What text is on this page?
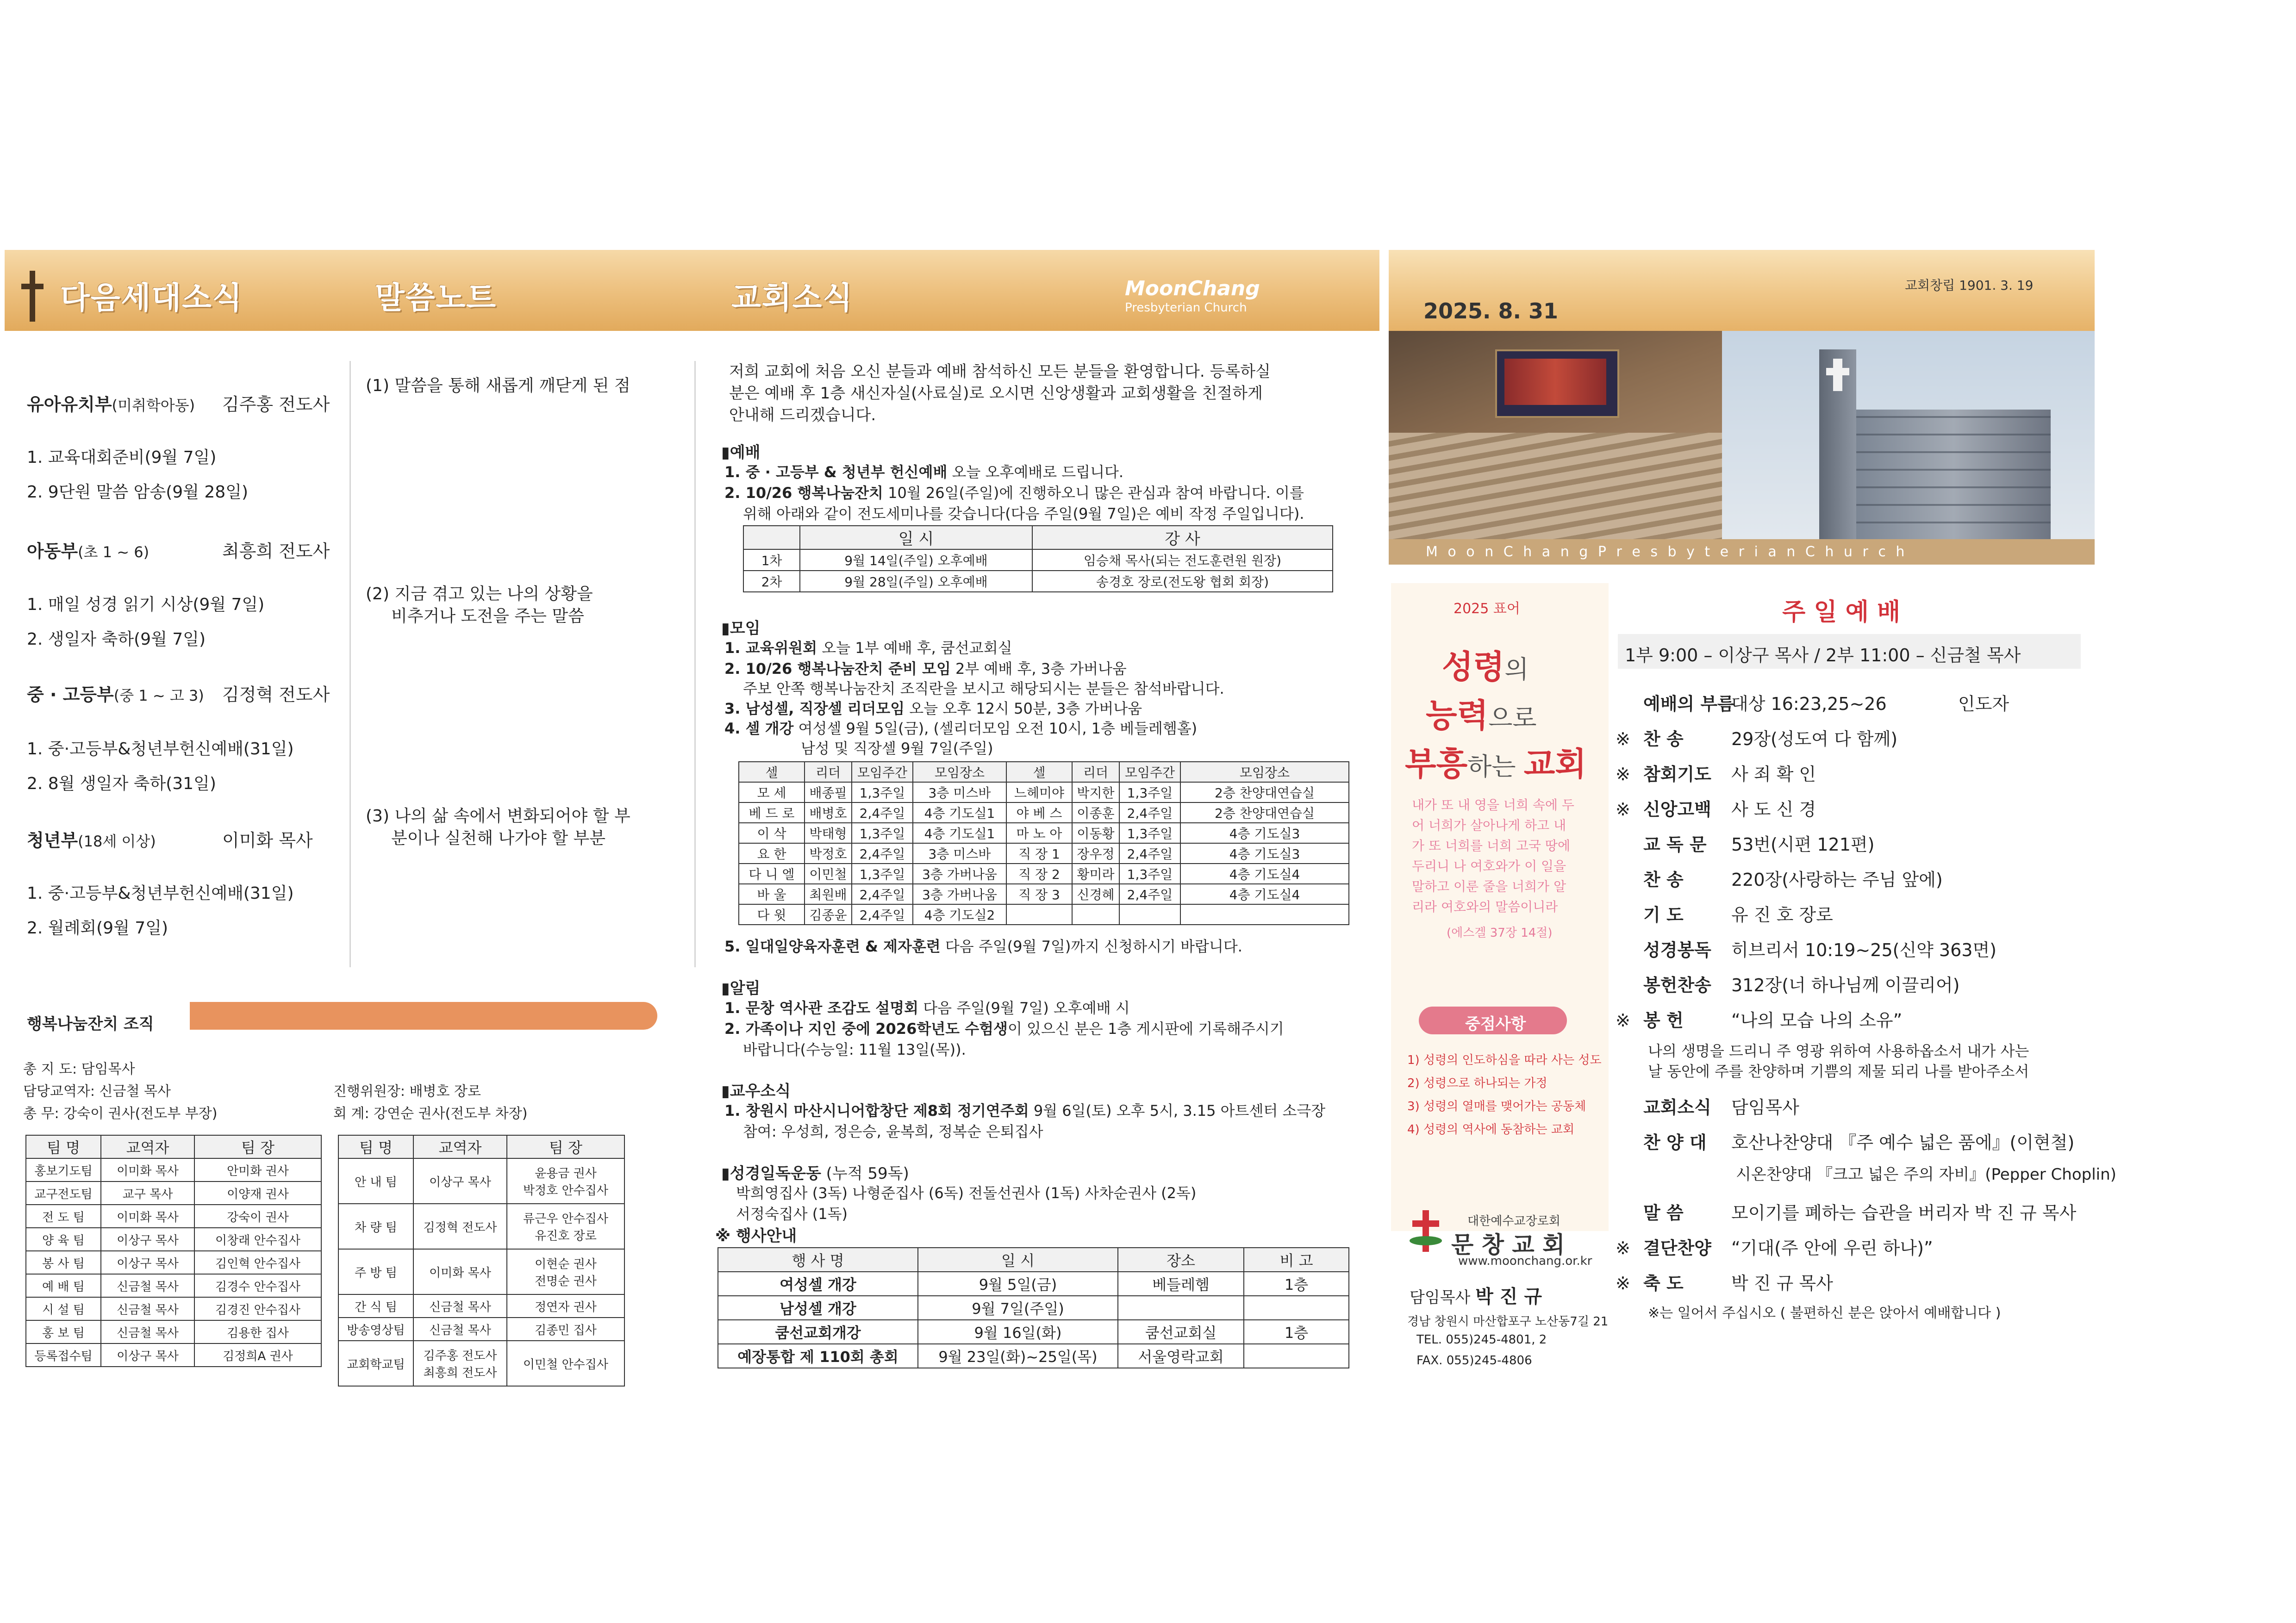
다음세대소식	말씀노트	교회소식	MoonChang
Presbyterian Church	2025. 8. 31
교회창립 1901. 3. 19
유아유치부(미취학아동) 김주홍 전도사
1. 교육대회준비(9월 7일)
2. 9단원 말씀 암송(9월 28일)
아동부(초 1 ~ 6)	최흥희 전도사
1. 매일 성경 읽기 시상(9월 7일)
2. 생일자 축하(9월 7일)
중 · 고등부(중 1 ~ 고 3) 김정혁 전도사
1. 중·고등부&청년부헌신예배(31일)
2. 8월 생일자 축하(31일)
청년부(18세 이상)	이미화 목사
1. 중·고등부&청년부헌신예배(31일)
2. 월례회(9월 7일)
(1) 말씀을 통해 새롭게 깨닫게 된 점
(2) 지금 겪고 있는 나의 상황을
비추거나 도전을 주는 말씀
(3) 나의 삶 속에서 변화되어야 할 부
분이나 실천해 나가야 할 부분
행복나눔잔치 조직
총 지 도: 담임목사
담당교역자: 신금철 목사
총 무: 강숙이 권사(전도부 부장)
진행위원장: 배병호 장로
회 계: 강연순 권사(전도부 차장)
팀 명	교역자	팀 장
홍보기도팀	이미화 목사	안미화 권사
교구전도팀	교구 목사	이양재 권사
전 도 팀	이미화 목사	강숙이 권사
양 육 팀	이상구 목사	이창래 안수집사
봉 사 팀	이상구 목사	김인혁 안수집사
예 배 팀	신금철 목사	김경수 안수집사
시 설 팀	신금철 목사	김경진 안수집사
홍 보 팀	신금철 목사	김용한 집사
등록접수팀	이상구 목사	김정희A 권사
팀 명	교역자	팀 장
안 내 팀	이상구 목사	윤용금 권사
박정호 안수집사

차 량 팀	김정혁 전도사	류근우 안수집사
유진호 장로

주 방 팀	이미화 목사	이현순 권사
전명순 권사

간 식 팀	신금철 목사	정연자 권사
방송영상팀	신금철 목사	김종민 집사
교회학교팀	김주홍 전도사
최흥희 전도사	이민철 안수집사
저희 교회에 처음 오신 분들과 예배 참석하신 모든 분들을 환영합니다. 등록하실
분은 예배 후 1층 새신자실(사료실)로 오시면 신앙생활과 교회생활을 친절하게
안내해 드리겠습니다.
▮예배
1. 중 · 고등부 & 청년부 헌신예배 오늘 오후예배로 드립니다.
2. 10/26 행복나눔잔치 10월 26일(주일)에 진행하오니 많은 관심과 참여 바랍니다. 이를
위해 아래와 같이 전도세미나를 갖습니다(다음 주일(9월 7일)은 예비 작정 주일입니다).
	일 시	강 사
1차	9월 14일(주일) 오후예배	임승채 목사(되는 전도훈련원 원장)
2차	9월 28일(주일) 오후예배	송경호 장로(전도왕 협회 회장)
▮모임
1. 교육위원회 오늘 1부 예배 후, 쿰선교회실
2. 10/26 행복나눔잔치 준비 모임 2부 예배 후, 3층 가버나움
주보 안쪽 행복나눔잔치 조직란을 보시고 해당되시는 분들은 참석바랍니다.
3. 남성셀, 직장셀 리더모임 오늘 오후 12시 50분, 3층 가버나움
4. 셀 개강 여성셀 9월 5일(금), (셀리더모임 오전 10시, 1층 베들레헴홀)
남성 및 직장셀 9월 7일(주일)
셀	리더	모임주간	모임장소	셀	리더	모임주간	모임장소
모 세	배종필	1,3주일	3층 미스바	느헤미야	박지한	1,3주일	2층 찬양대연습실
베 드 로	배병호	2,4주일	4층 기도실1	야 베 스	이종훈	2,4주일	2층 찬양대연습실
이 삭	박태형	1,3주일	4층 기도실1	마 노 아	이동황	1,3주일	4층 기도실3
요 한	박정호	2,4주일	3층 미스바	직 장 1	장우정	2,4주일	4층 기도실3
다 니 엘	이민철	1,3주일	3층 가버나움	직 장 2	황미라	1,3주일	4층 기도실4
바 울	최원배	2,4주일	3층 가버나움	직 장 3	신경혜	2,4주일	4층 기도실4
다 윗	김종윤	2,4주일	4층 기도실2				
5. 일대일양육자훈련 & 제자훈련 다음 주일(9월 7일)까지 신청하시기 바랍니다.
▮알림
1. 문창 역사관 조감도 설명회 다음 주일(9월 7일) 오후예배 시
2. 가족이나 지인 중에 2026학년도 수험생이 있으신 분은 1층 게시판에 기록해주시기
바랍니다(수능일: 11월 13일(목)).
▮교우소식
1. 창원시 마산시니어합창단 제8회 정기연주회 9월 6일(토) 오후 5시, 3.15 아트센터 소극장
참여: 우성희, 정은승, 윤복희, 정복순 은퇴집사
▮성경일독운동 (누적 59독)
박희영집사 (3독) 나형준집사 (6독) 전돌선권사 (1독) 사차순권사 (2독)
서정숙집사 (1독)
※ 행사안내
행 사 명	일 시	장소	비 고
여성셀 개강	9월 5일(금)	베들레헴	1층
남성셀 개강	9월 7일(주일)		
쿰선교회개강	9월 16일(화)	쿰선교회실	1층
예장통합 제 110회 총회	9월 23일(화)~25일(목)	서울영락교회	
M o o n C h a n g P r e s b y t e r i a n C h u r c h
2025 표어
성령의
능력으로
부흥하는 교회
내가 또 내 영을 너희 속에 두
어 너희가 살아나게 하고 내
가 또 너희를 너희 고국 땅에
두리니 나 여호와가 이 일을
말하고 이룬 줄을 너희가 알
리라 여호와의 말씀이니라
(에스겔 37장 14절)
중점사항
1) 성령의 인도하심을 따라 사는 성도
2) 성령으로 하나되는 가정
3) 성령의 열매를 맺어가는 공동체
4) 성령의 역사에 동참하는 교회
대한예수교장로회
문 창 교 회
www.moonchang.or.kr
담임목사 박 진 규
경남 창원시 마산합포구 노산동7길 21
TEL. 055)245-4801, 2
FAX. 055)245-4806
주 일 예 배
1부 9:00 – 이상구 목사 / 2부 11:00 – 신금철 목사
예배의 부름대상 16:23,25~26	인도자
※ 찬 송	29장(성도여 다 함께)
※ 참회기도 사 죄 확 인
※ 신앙고백 사 도 신 경
교 독 문 53번(시편 121편)
찬 송	220장(사랑하는 주님 앞에)
기 도	유 진 호 장로
성경봉독 히브리서 10:19~25(신약 363면)
봉헌찬송 312장(너 하나님께 이끌리어)
※ 봉 헌	“나의 모습 나의 소유”
나의 생명을 드리니 주 영광 위하여 사용하옵소서 내가 사는
날 동안에 주를 찬양하며 기쁨의 제물 되리 나를 받아주소서
교회소식 담임목사
찬 양 대 호산나찬양대 『주 예수 넓은 품에』(이현철)
시온찬양대 『크고 넓은 주의 자비』(Pepper Choplin)
말 씀	모이기를 폐하는 습관을 버리자 박 진 규 목사
※ 결단찬양 “기대(주 안에 우린 하나)”
※ 축 도	박 진 규 목사
※는 일어서 주십시오 ( 불편하신 분은 앉아서 예배합니다 )
